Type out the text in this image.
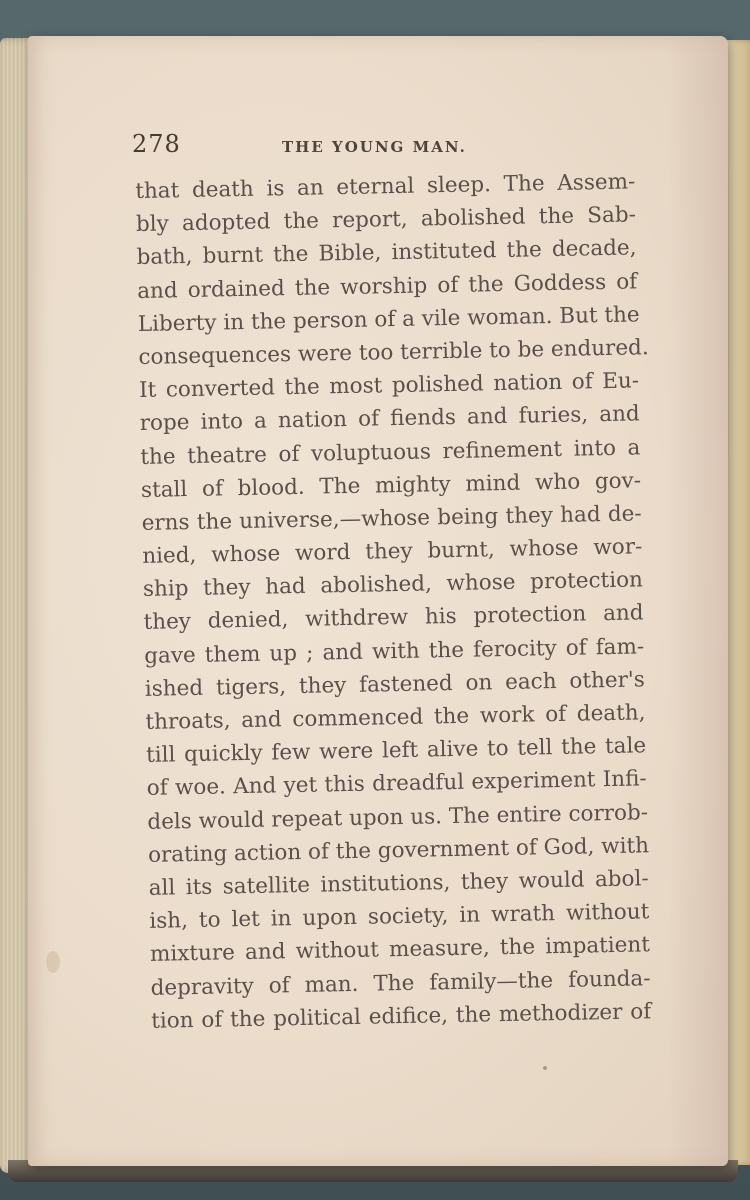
278	THE YOUNG MAN.
that death is an eternal sleep. The Assem-
bly adopted the report, abolished the Sab-
bath, burnt the Bible, instituted the decade,
and ordained the worship of the Goddess of
Liberty in the person of a vile woman. But the
consequences were too terrible to be endured.
It converted the most polished nation of Eu-
rope into a nation of fiends and furies, and
the theatre of voluptuous refinement into a
stall of blood. The mighty mind who gov-
erns the universe,—whose being they had de-
nied, whose word they burnt, whose wor-
ship they had abolished, whose protection
they denied, withdrew his protection and
gave them up ; and with the ferocity of fam-
ished tigers, they fastened on each other's
throats, and commenced the work of death,
till quickly few were left alive to tell the tale
of woe. And yet this dreadful experiment Infi-
dels would repeat upon us. The entire corrob-
orating action of the government of God, with
all its satellite institutions, they would abol-
ish, to let in upon society, in wrath without
mixture and without measure, the impatient
depravity of man. The family—the founda-
tion of the political edifice, the methodizer of
